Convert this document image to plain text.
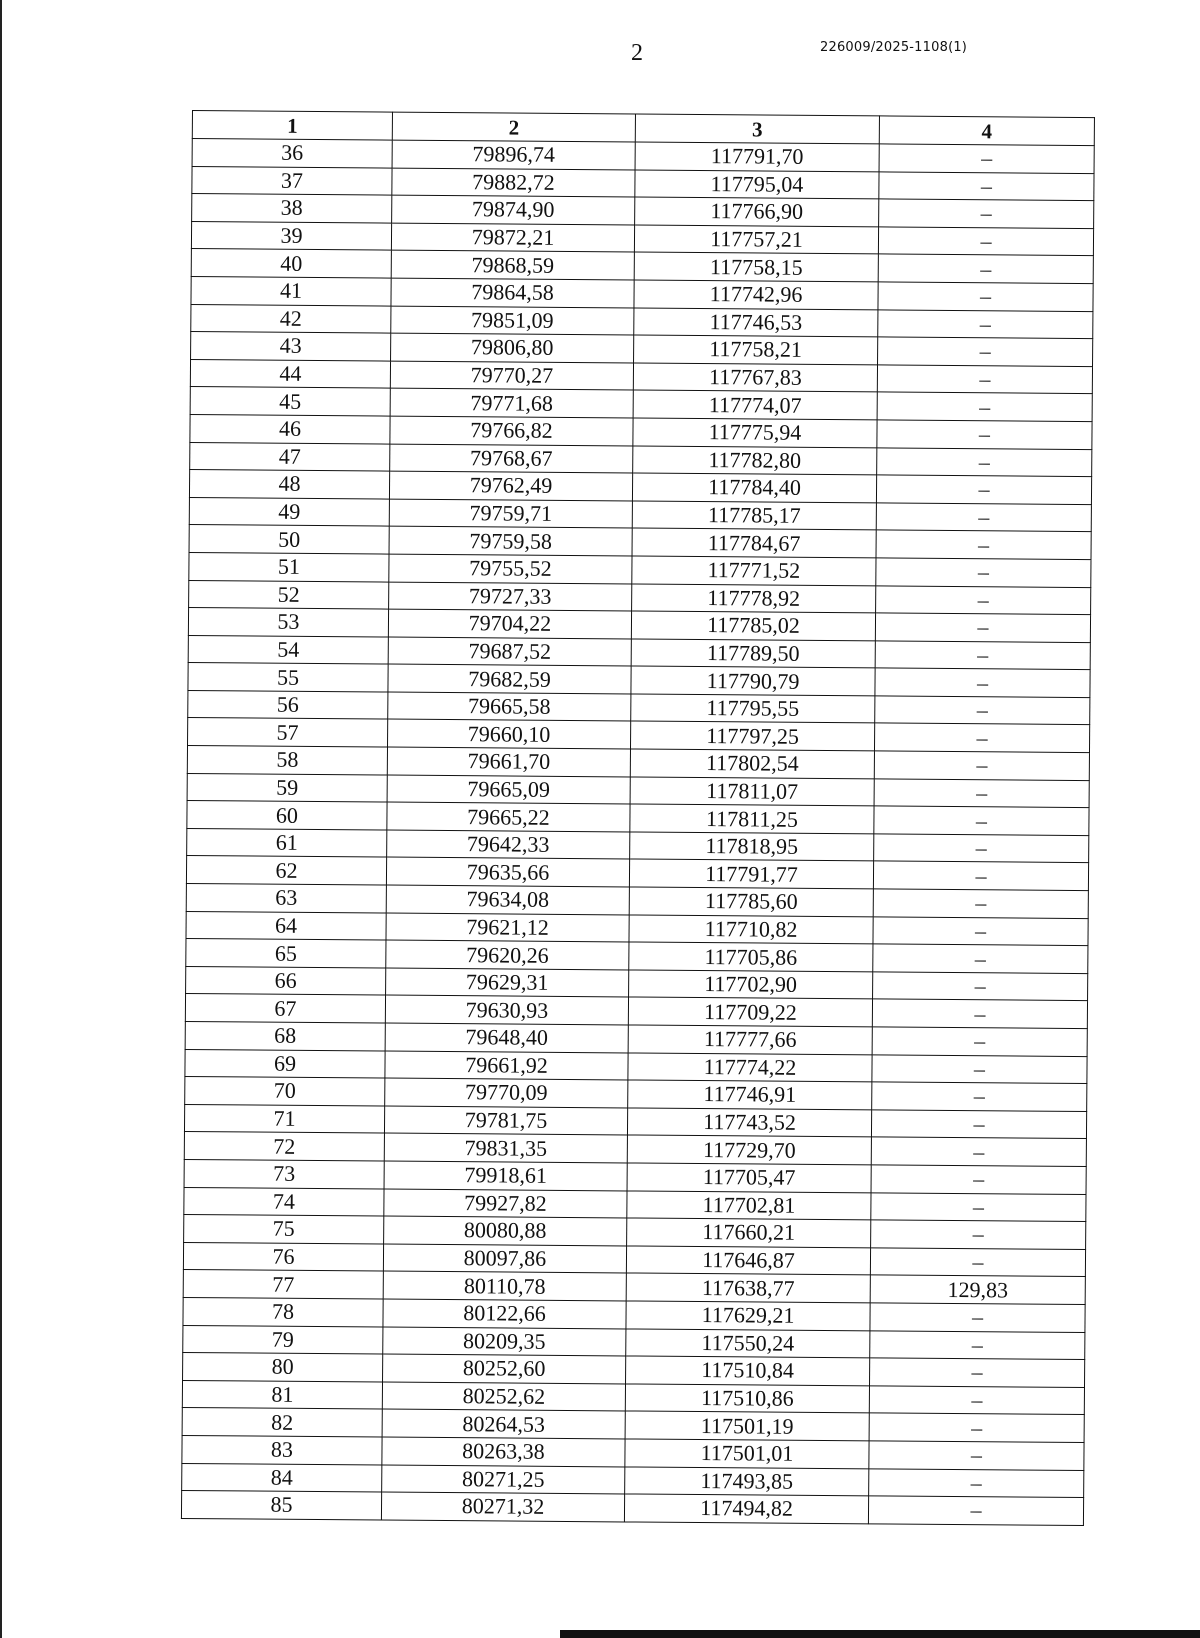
2	226009/2025-1108(1)
1	2	3	4
36	79896,74	117791,70	–
37	79882,72	117795,04	–
38	79874,90	117766,90	–
39	79872,21	117757,21	–
40	79868,59	117758,15	–
41	79864,58	117742,96	–
42	79851,09	117746,53	–
43	79806,80	117758,21	–
44	79770,27	117767,83	–
45	79771,68	117774,07	–
46	79766,82	117775,94	–
47	79768,67	117782,80	–
48	79762,49	117784,40	–
49	79759,71	117785,17	–
50	79759,58	117784,67	–
51	79755,52	117771,52	–
52	79727,33	117778,92	–
53	79704,22	117785,02	–
54	79687,52	117789,50	–
55	79682,59	117790,79	–
56	79665,58	117795,55	–
57	79660,10	117797,25	–
58	79661,70	117802,54	–
59	79665,09	117811,07	–
60	79665,22	117811,25	–
61	79642,33	117818,95	–
62	79635,66	117791,77	–
63	79634,08	117785,60	–
64	79621,12	117710,82	–
65	79620,26	117705,86	–
66	79629,31	117702,90	–
67	79630,93	117709,22	–
68	79648,40	117777,66	–
69	79661,92	117774,22	–
70	79770,09	117746,91	–
71	79781,75	117743,52	–
72	79831,35	117729,70	–
73	79918,61	117705,47	–
74	79927,82	117702,81	–
75	80080,88	117660,21	–
76	80097,86	117646,87	–
77	80110,78	117638,77	129,83
78	80122,66	117629,21	–
79	80209,35	117550,24	–
80	80252,60	117510,84	–
81	80252,62	117510,86	–
82	80264,53	117501,19	–
83	80263,38	117501,01	–
84	80271,25	117493,85	–
85	80271,32	117494,82	–
